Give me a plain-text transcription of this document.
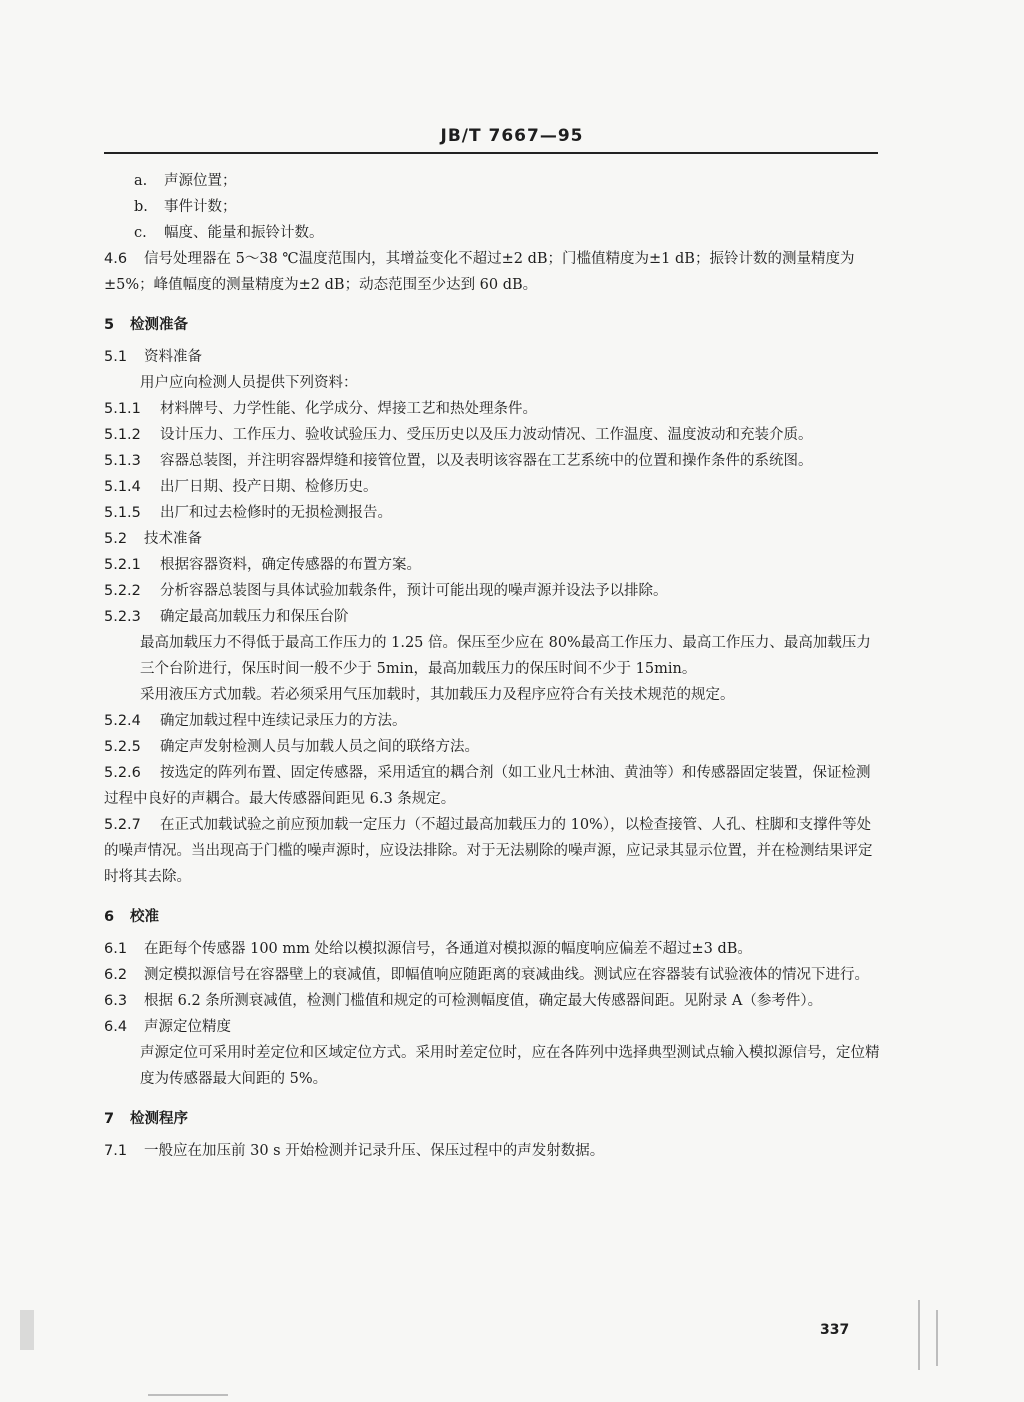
JB/T 7667—95
a. 声源位置；
b. 事件计数；
c. 幅度、能量和振铃计数。
4.6 信号处理器在 5～38 ℃温度范围内，其增益变化不超过±2 dB；门槛值精度为±1 dB；振铃计数的测量精度为±5%；峰值幅度的测量精度为±2 dB；动态范围至少达到 60 dB。
5 检测准备
5.1 资料准备
用户应向检测人员提供下列资料：
5.1.1 材料牌号、力学性能、化学成分、焊接工艺和热处理条件。
5.1.2 设计压力、工作压力、验收试验压力、受压历史以及压力波动情况、工作温度、温度波动和充装介质。
5.1.3 容器总装图，并注明容器焊缝和接管位置，以及表明该容器在工艺系统中的位置和操作条件的系统图。
5.1.4 出厂日期、投产日期、检修历史。
5.1.5 出厂和过去检修时的无损检测报告。
5.2 技术准备
5.2.1 根据容器资料，确定传感器的布置方案。
5.2.2 分析容器总装图与具体试验加载条件，预计可能出现的噪声源并设法予以排除。
5.2.3 确定最高加载压力和保压台阶
最高加载压力不得低于最高工作压力的 1.25 倍。保压至少应在 80%最高工作压力、最高工作压力、最高加载压力三个台阶进行，保压时间一般不少于 5min，最高加载压力的保压时间不少于 15min。
采用液压方式加载。若必须采用气压加载时，其加载压力及程序应符合有关技术规范的规定。
5.2.4 确定加载过程中连续记录压力的方法。
5.2.5 确定声发射检测人员与加载人员之间的联络方法。
5.2.6 按选定的阵列布置、固定传感器，采用适宜的耦合剂（如工业凡士林油、黄油等）和传感器固定装置，保证检测过程中良好的声耦合。最大传感器间距见 6.3 条规定。
5.2.7 在正式加载试验之前应预加载一定压力（不超过最高加载压力的 10%），以检查接管、人孔、柱脚和支撑件等处的噪声情况。当出现高于门槛的噪声源时，应设法排除。对于无法剔除的噪声源，应记录其显示位置，并在检测结果评定时将其去除。
6 校准
6.1 在距每个传感器 100 mm 处给以模拟源信号，各通道对模拟源的幅度响应偏差不超过±3 dB。
6.2 测定模拟源信号在容器壁上的衰减值，即幅值响应随距离的衰减曲线。测试应在容器装有试验液体的情况下进行。
6.3 根据 6.2 条所测衰减值，检测门槛值和规定的可检测幅度值，确定最大传感器间距。见附录 A（参考件）。
6.4 声源定位精度
声源定位可采用时差定位和区域定位方式。采用时差定位时，应在各阵列中选择典型测试点输入模拟源信号，定位精度为传感器最大间距的 5%。
7 检测程序
7.1 一般应在加压前 30 s 开始检测并记录升压、保压过程中的声发射数据。
337
